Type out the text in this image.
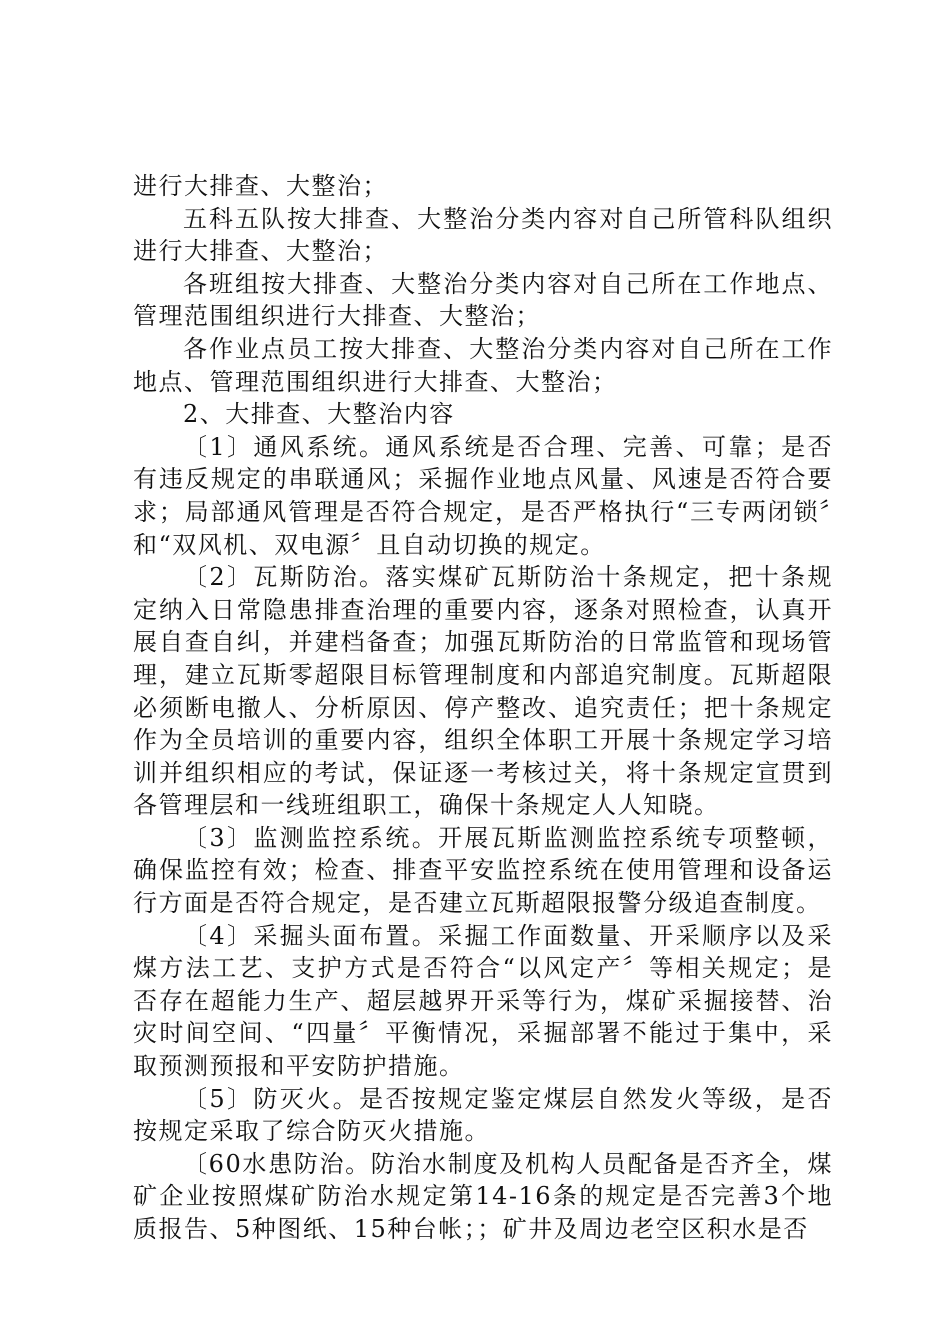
进行大排查、大整治；

五科五队按大排查、大整治分类内容对自己所管科队组织进行大排查、大整治；

各班组按大排查、大整治分类内容对自己所在工作地点、管理范围组织进行大排查、大整治；

各作业点员工按大排查、大整治分类内容对自己所在工作地点、管理范围组织进行大排查、大整治；

2、大排查、大整治内容

〔1〕通风系统。通风系统是否合理、完善、可靠；是否有违反规定的串联通风；采掘作业地点风量、风速是否符合要求；局部通风管理是否符合规定，是否严格执行“三专两闭锁〞和“双风机、双电源〞且自动切换的规定。

〔2〕瓦斯防治。落实煤矿瓦斯防治十条规定，把十条规定纳入日常隐患排查治理的重要内容，逐条对照检查，认真开展自查自纠，并建档备查；加强瓦斯防治的日常监管和现场管理，建立瓦斯零超限目标管理制度和内部追究制度。瓦斯超限必须断电撤人、分析原因、停产整改、追究责任；把十条规定作为全员培训的重要内容，组织全体职工开展十条规定学习培训并组织相应的考试，保证逐一考核过关，将十条规定宣贯到各管理层和一线班组职工，确保十条规定人人知晓。

〔3〕监测监控系统。开展瓦斯监测监控系统专项整顿，确保监控有效；检查、排查平安监控系统在使用管理和设备运行方面是否符合规定，是否建立瓦斯超限报警分级追查制度。

〔4〕采掘头面布置。采掘工作面数量、开采顺序以及采煤方法工艺、支护方式是否符合“以风定产〞等相关规定；是否存在超能力生产、超层越界开采等行为，煤矿采掘接替、治灾时间空间、“四量〞平衡情况，采掘部署不能过于集中，采取预测预报和平安防护措施。

〔5〕防灭火。是否按规定鉴定煤层自然发火等级，是否按规定采取了综合防灭火措施。

〔60水患防治。防治水制度及机构人员配备是否齐全，煤矿企业按照煤矿防治水规定第14-16条的规定是否完善3个地质报告、5种图纸、15种台帐；；矿井及周边老空区积水是否
